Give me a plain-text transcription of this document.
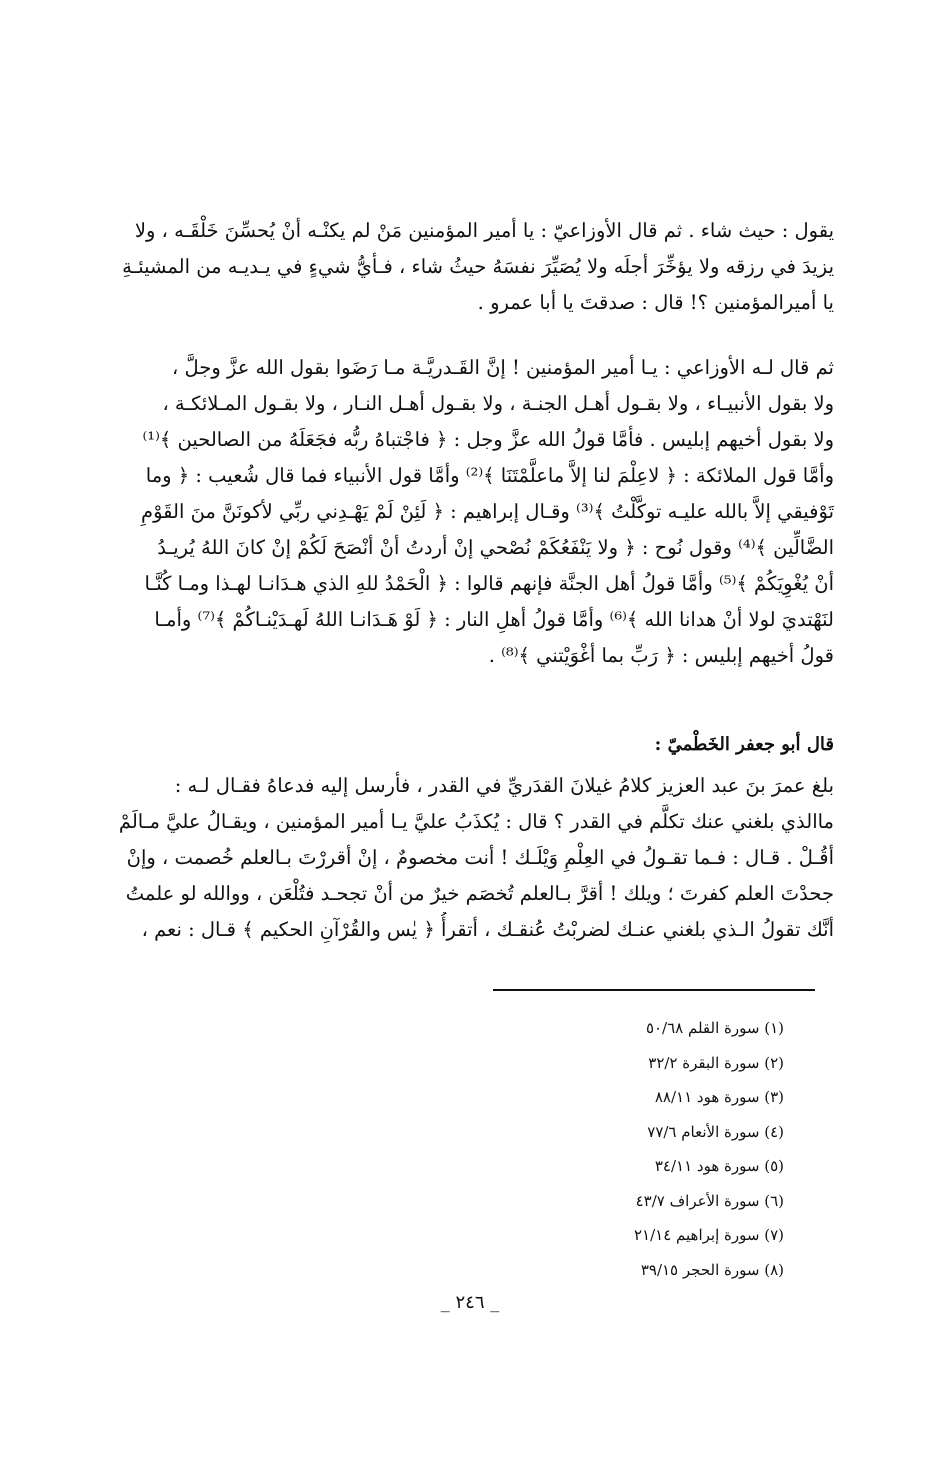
يقول : حيث شاء . ثم قال الأوزاعيّ : يا أمير المؤمنين مَنْ لم يكنْـه أنْ يُحسِّنَ خَلْقَـه ، ولا
يزيدَ في رزقه ولا يؤخِّرَ أجلَه ولا يُصَيِّرَ نفسَهُ حيثُ شاء ، فـأيُّ شيءٍ في يـديـه من المشيئـةِ
يا أميرالمؤمنين ؟! قال : صدقتَ يا أبا عمرو .
ثم قال لـه الأوزاعي : يـا أمير المؤمنين ! إنَّ القَـدريَّـة مـا رَضَوا بقول الله عزَّ وجلَّ ،
ولا بقول الأنبيـاء ، ولا بقـول أهـل الجنـة ، ولا بقـول أهـل النـار ، ولا بقـول المـلائكـة ،
ولا بقول أخيهم إبليس . فأمَّا قولُ الله عزَّ وجل : ﴿ فاجْتباهُ ربُّه فجَعَلَهُ من الصالحين ﴾⁽¹⁾
وأمَّا قول الملائكة : ﴿ لاعِلْمَ لنا إلاَّ ماعلَّمْتَنَا ﴾⁽²⁾ وأمَّا قول الأنبياء فما قال شُعيب : ﴿ وما
تَوْفيقي إلاَّ بالله عليـه توكَّلْتُ ﴾⁽³⁾ وقـال إبراهيم : ﴿ لَئِنْ لَمْ يَهْـدِني ربِّي لأكونَنَّ منَ القَوْمِ
الضَّالِّين ﴾⁽⁴⁾ وقول نُوح : ﴿ ولا يَنْفَعُكَمْ نُصْحي إنْ أردتُ أنْ أنْصَحَ لَكُمْ إنْ كانَ اللهُ يُريـدُ
أنْ يُغْوِيَكُمْ ﴾⁽⁵⁾ وأمَّا قولُ أهل الجنَّة فإنهم قالوا : ﴿ الْحَمْدُ للهِ الذي هـدَانـا لهـذا ومـا كُنَّـا
لنَهْتديَ لولا أنْ هدانا الله ﴾⁽⁶⁾ وأمَّا قولُ أهلِ النار : ﴿ لَوْ هَـدَانـا اللهُ لَهـدَيْنـاكُمْ ﴾⁽⁷⁾ وأمـا
قولُ أخيهم إبليس : ﴿ رَبِّ بما أغْوَيْتني ﴾⁽⁸⁾ .
قال أبو جعفر الخَطْميّ :
بلغ عمرَ بنَ عبد العزيز كلامُ غيلانَ القدَريِّ في القدر ، فأرسل إليه فدعاهُ فقـال لـه :
ماالذي بلغني عنك تكلَّم في القدر ؟ قال : يُكذَبُ عليَّ يـا أمير المؤمنين ، ويقـالُ عليَّ مـالَمْ
أقُـلْ . قـال : فـما تقـولُ في العِلْمِ وَيْلَـك ! أنت مخصومٌ ، إنْ أقررْتَ بـالعلم خُصمت ، وإنْ
جحدْتَ العلم كفرتَ ؛ ويلك ! أقرَّ بـالعلم تُخصَم خيرٌ من أنْ تجحـد فتُلْعَن ، ووالله لو علمتُ
أنَّك تقولُ الـذي بلغني عنـك لضربْتُ عُنقـك ، أتقرأُ ﴿ يٰس والقُرْآنِ الحكيم ﴾ قـال : نعم ،
(١) سورة القلم ٥٠/٦٨
(٢) سورة البقرة ٣٢/٢
(٣) سورة هود ٨٨/١١
(٤) سورة الأنعام ٧٧/٦
(٥) سورة هود ٣٤/١١
(٦) سورة الأعراف ٤٣/٧
(٧) سورة إبراهيم ٢١/١٤
(٨) سورة الحجر ٣٩/١٥
_ ٢٤٦ _
